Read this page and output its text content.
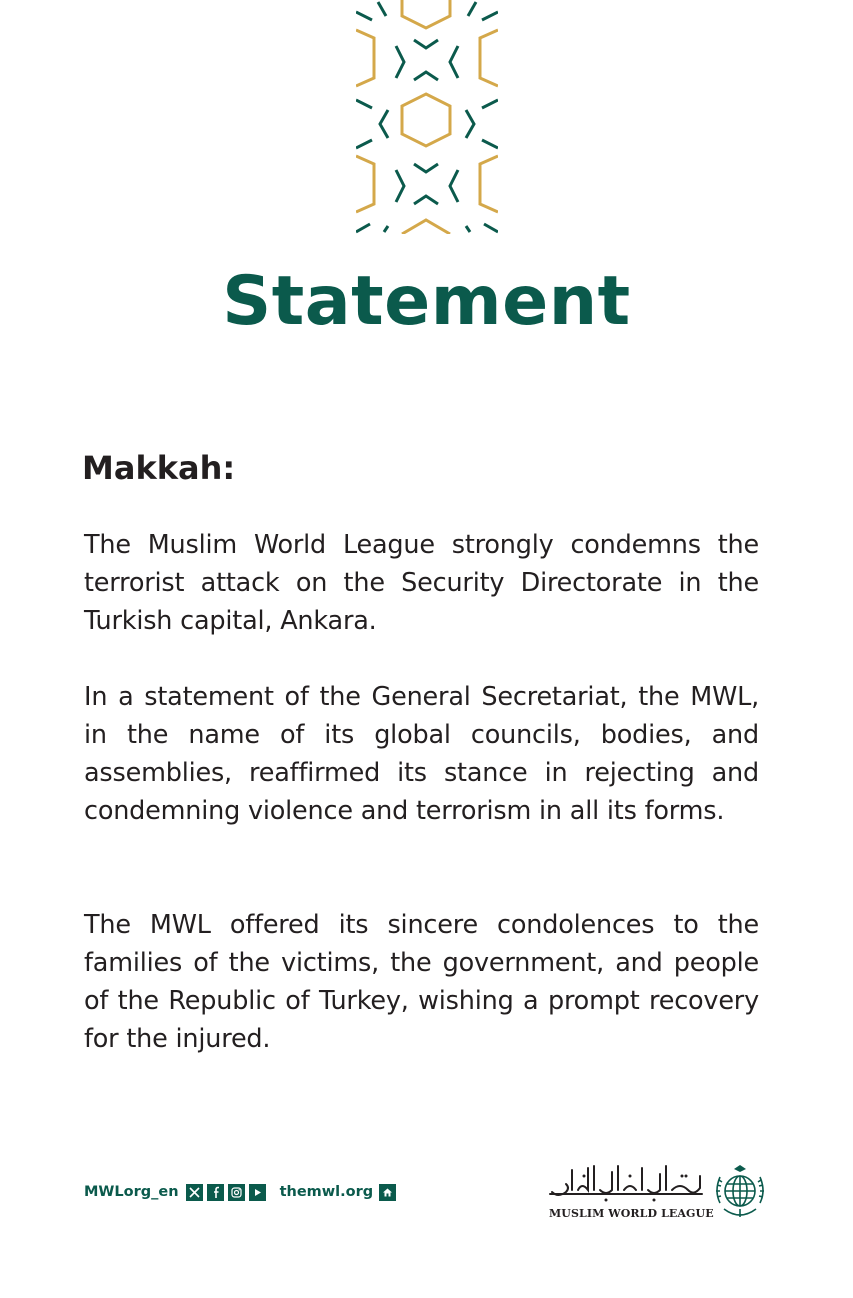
Statement
Makkah:

The Muslim World League strongly condemns the terrorist attack on the Security Directorate in the Turkish capital, Ankara.

In a statement of the General Secretariat, the MWL, in the name of its global councils, bodies, and assemblies, reaffirmed its stance in rejecting and condemning violence and terrorism in all its forms.

The MWL offered its sincere condolences to the families of the victims, the government, and people of the Republic of Turkey, wishing a prompt recovery for the injured.

MWLorg_en	themwl.org
MUSLIM WORLD LEAGUE
